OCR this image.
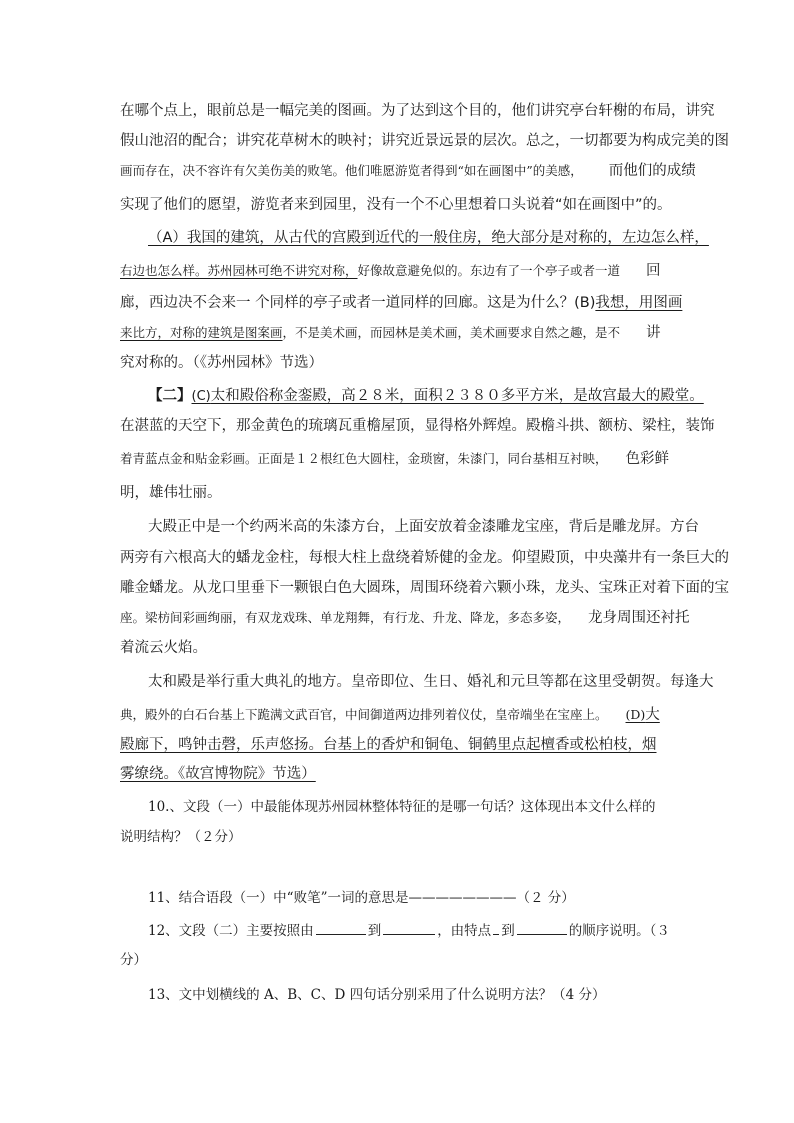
在哪个点上，眼前总是一幅完美的图画。为了达到这个目的，他们讲究亭台轩榭的布局，讲究
假山池沼的配合；讲究花草树木的映衬；讲究近景远景的层次。总之，一切都要为构成完美的图
画而存在，决不容许有欠美伤美的败笔。他们唯愿游览者得到“如在画图中”的美感， 而他们的成绩
实现了他们的愿望，游览者来到园里，没有一个不心里想着口头说着“如在画图中”的。
（A）我国的建筑，从古代的宫殿到近代的一般住房，绝大部分是对称的，左边怎么样，
右边也怎么样。苏州园林可绝不讲究对称，好像故意避免似的。东边有了一个亭子或者一道 回
廊，西边决不会来一 个同样的亭子或者一道同样的回廊。这是为什么？(B)我想，用图画
来比方，对称的建筑是图案画，不是美术画，而园林是美术画，美术画要求自然之趣，是不 讲
究对称的。（《苏州园林》节选）
【二】(C)太和殿俗称金銮殿，高２８米，面积２３８０多平方米，是故宫最大的殿堂。
在湛蓝的天空下，那金黄色的琉璃瓦重檐屋顶，显得格外辉煌。殿檐斗拱、额枋、梁柱，装饰
着青蓝点金和贴金彩画。正面是１２根红色大圆柱，金琐窗，朱漆门，同台基相互衬映， 色彩鲜
明，雄伟壮丽。
大殿正中是一个约两米高的朱漆方台，上面安放着金漆雕龙宝座，背后是雕龙屏。方台
两旁有六根高大的蟠龙金柱，每根大柱上盘绕着矫健的金龙。仰望殿顶，中央藻井有一条巨大的
雕金蟠龙。从龙口里垂下一颗银白色大圆珠，周围环绕着六颗小珠，龙头、宝珠正对着下面的宝
座。梁枋间彩画绚丽，有双龙戏珠、单龙翔舞，有行龙、升龙、降龙，多态多姿， 龙身周围还衬托
着流云火焰。
太和殿是举行重大典礼的地方。皇帝即位、生日、婚礼和元旦等都在这里受朝贺。每逢大
典，殿外的白石台基上下跪满文武百官，中间御道两边排列着仪仗，皇帝端坐在宝座上。 (D)大
殿廊下，鸣钟击磬，乐声悠扬。台基上的香炉和铜龟、铜鹤里点起檀香或松柏枝，烟
雾缭绕。《故宫博物院》节选）
10.、文段（一）中最能体现苏州园林整体特征的是哪一句话？这体现出本文什么样的
说明结构？（２分）
11、结合语段（一）中“败笔”一词的意思是————————（２ 分）
12、文段（二）主要按照由	到	，由特点 到	的顺序说明。（３
分）
13、文中划横线的 A、B、C、D 四句话分别采用了什么说明方法？（4 分）
